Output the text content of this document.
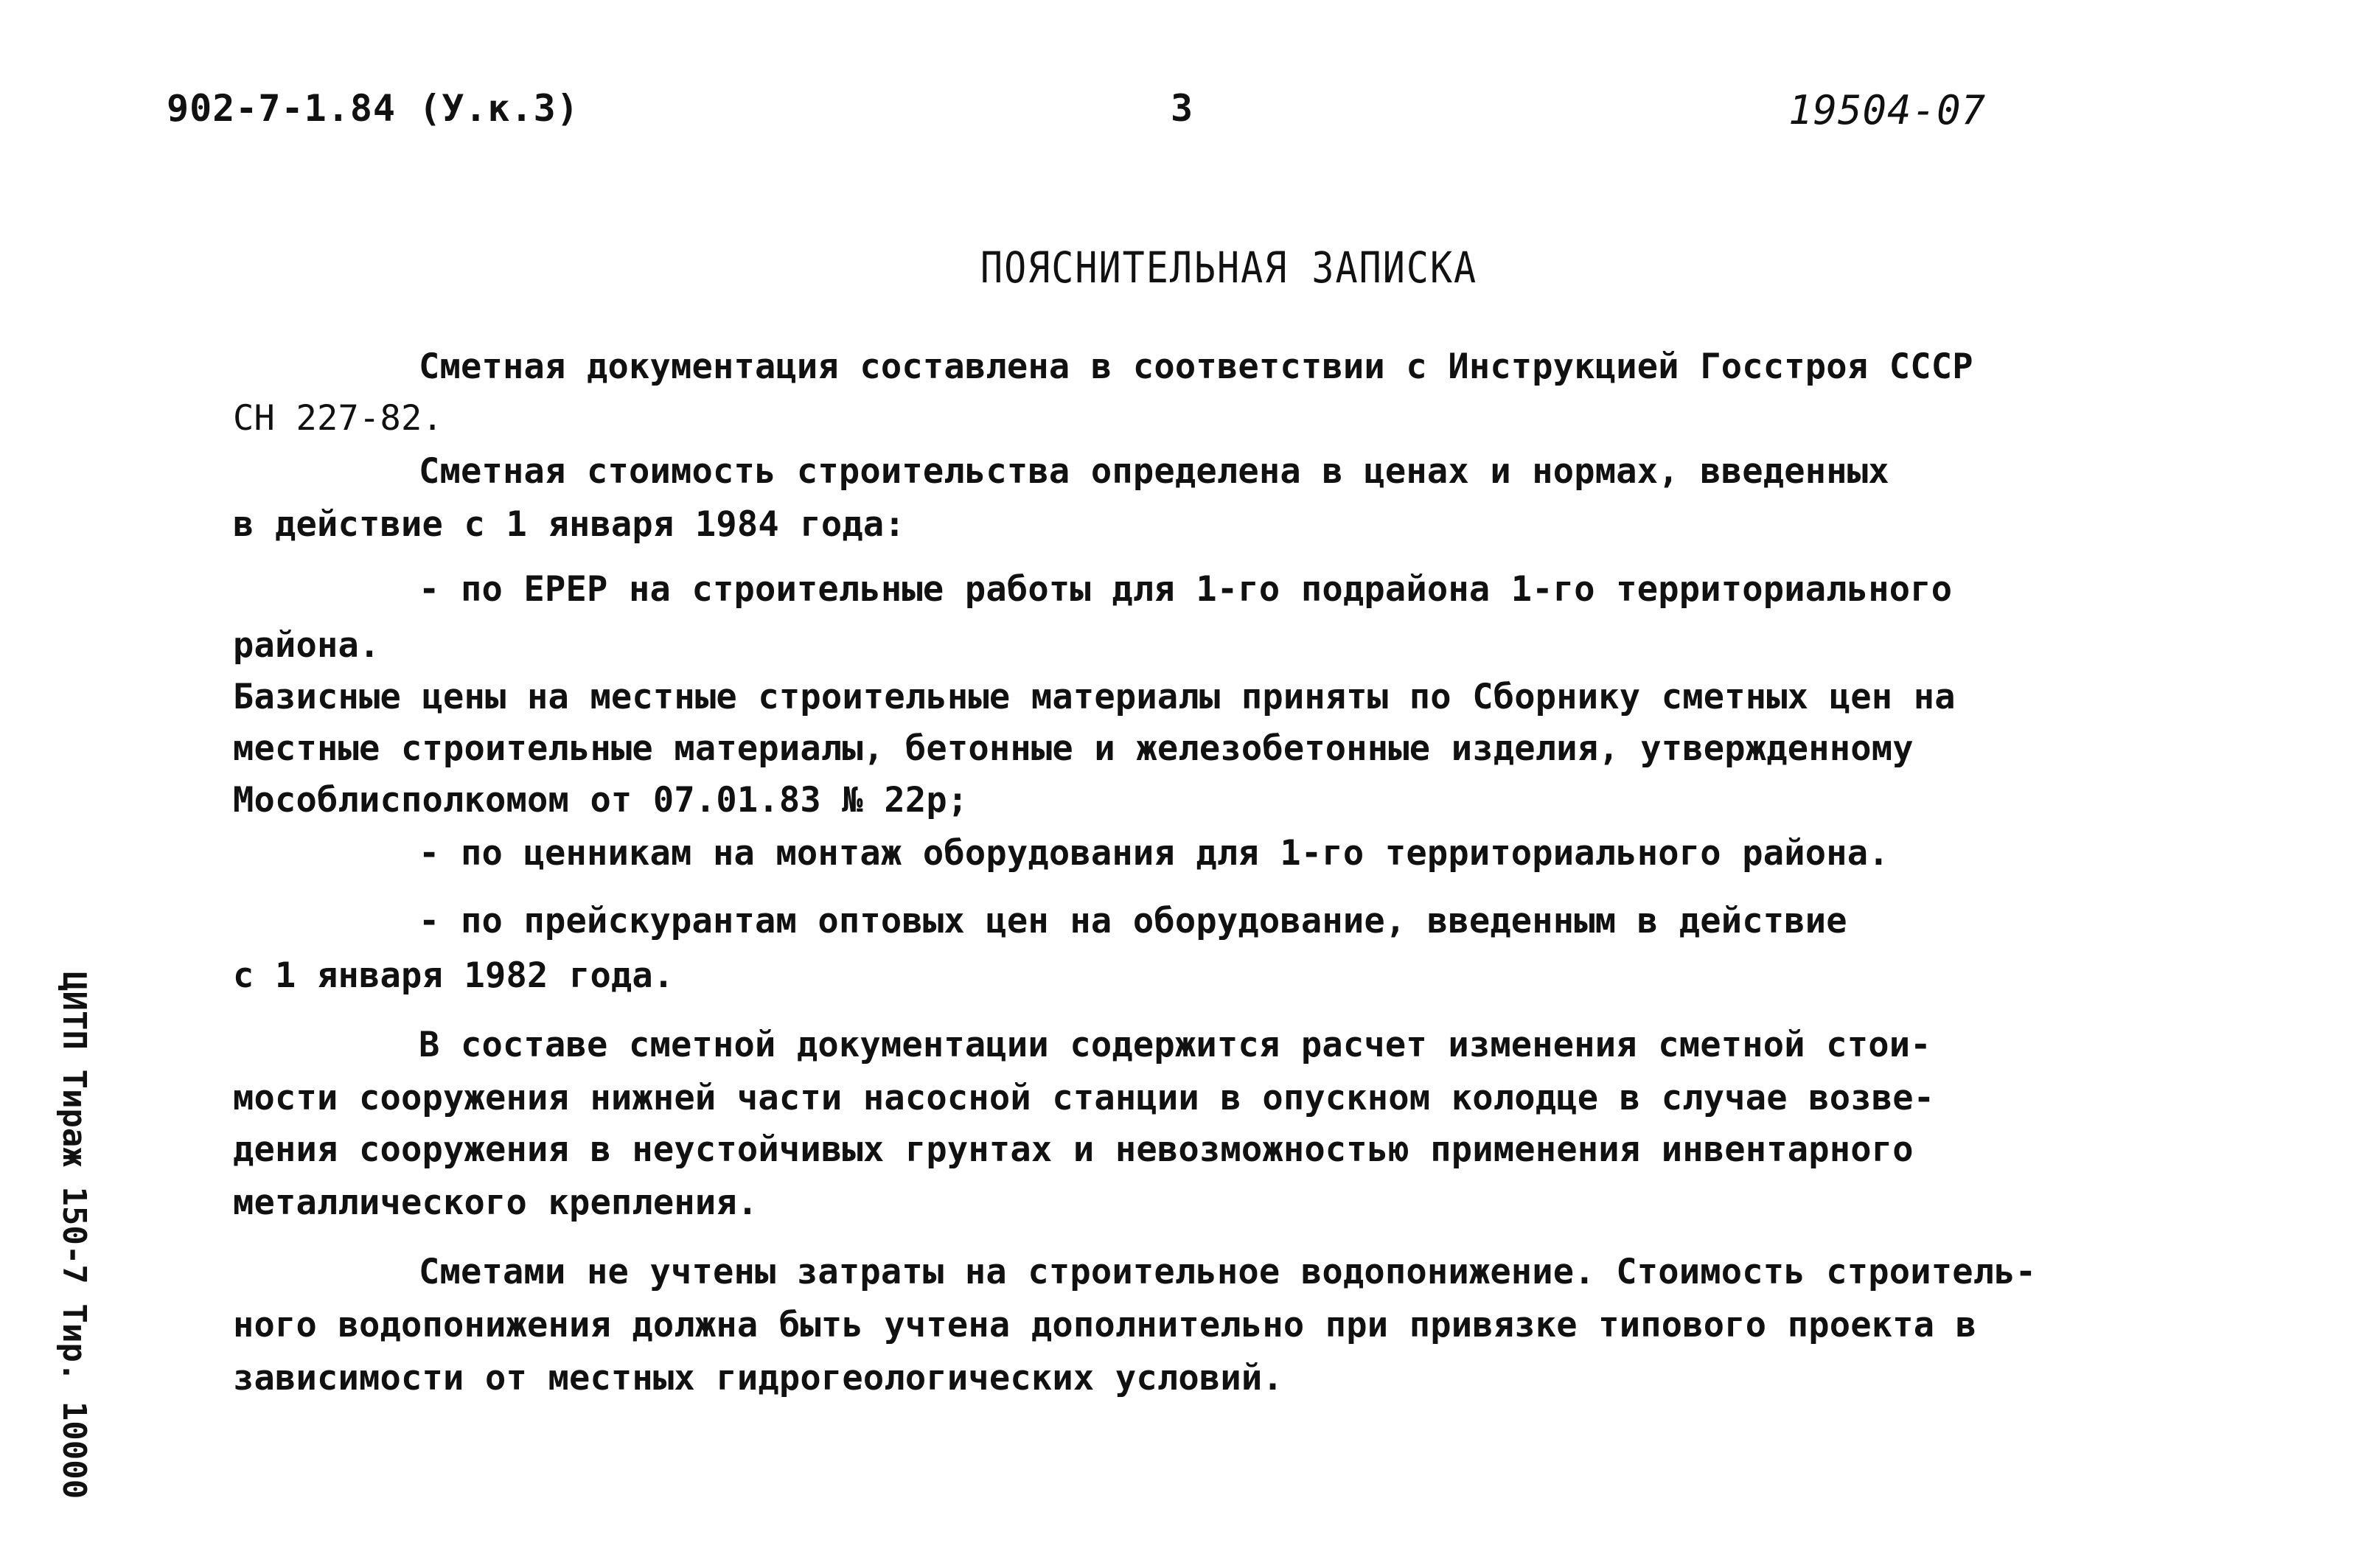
902-7-1.84 (У.к.3)	3	19504-07
ПОЯСНИТЕЛЬНАЯ ЗАПИСКА
Сметная документация составлена в соответствии с Инструкцией Госстроя СССР
СН 227-82.
Сметная стоимость строительства определена в ценах и нормах, введенных
в действие с 1 января 1984 года:
- по ЕРЕР на строительные работы для 1-го подрайона 1-го территориального
района.
Базисные цены на местные строительные материалы приняты по Сборнику сметных цен на
местные строительные материалы, бетонные и железобетонные изделия, утвержденному
Мособлисполкомом от 07.01.83 № 22р;
- по ценникам на монтаж оборудования для 1-го территориального района.
- по прейскурантам оптовых цен на оборудование, введенным в действие
с 1 января 1982 года.
В составе сметной документации содержится расчет изменения сметной стои-
мости сооружения нижней части насосной станции в опускном колодце в случае возве-
дения сооружения в неустойчивых грунтах и невозможностью применения инвентарного
металлического крепления.
Сметами не учтены затраты на строительное водопонижение. Стоимость строитель-
ного водопонижения должна быть учтена дополнительно при привязке типового проекта в
зависимости от местных гидрогеологических условий.
ЦИТП Тираж 150-7 Тир. 10000
